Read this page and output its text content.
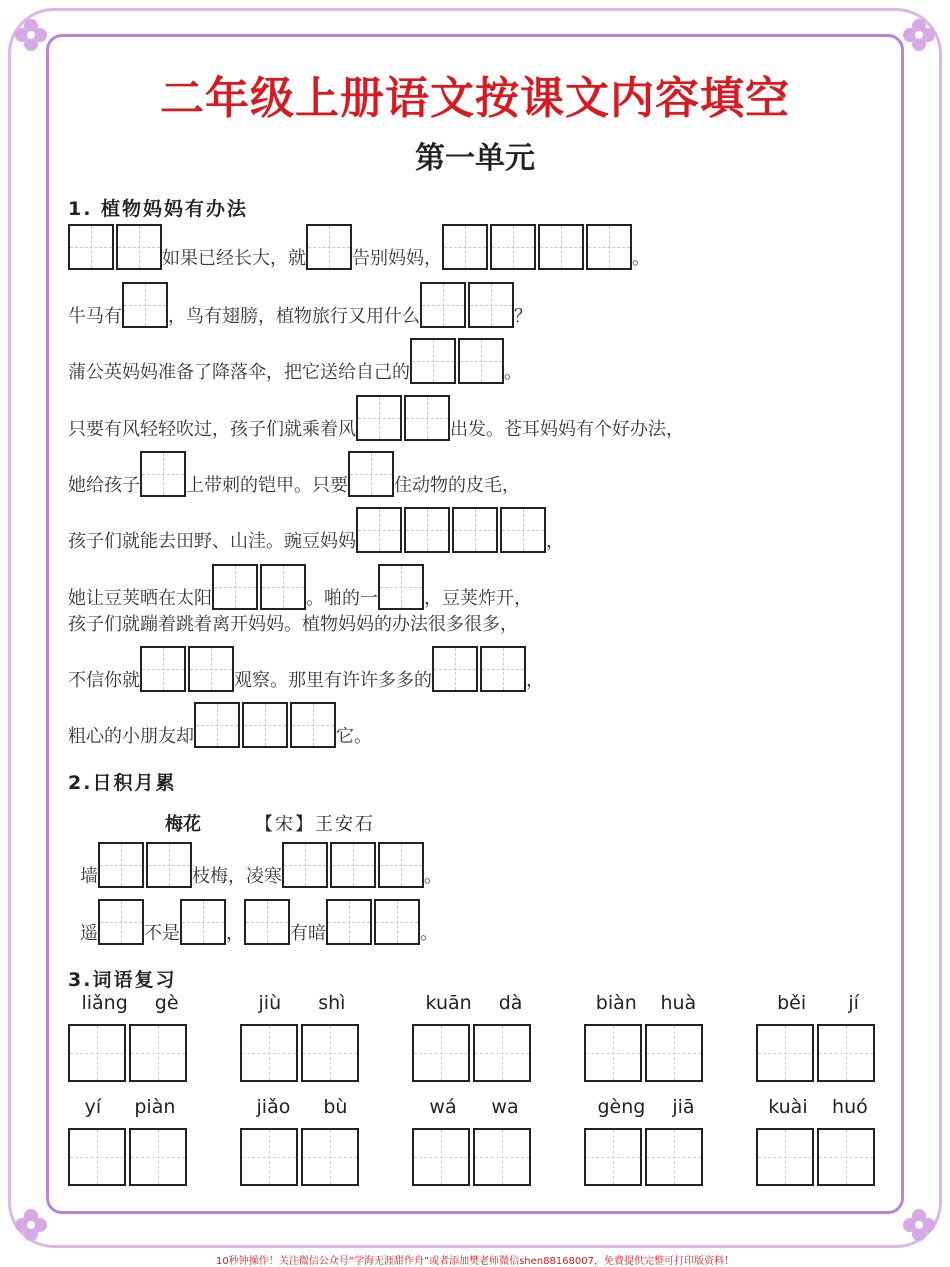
二年级上册语文按课文内容填空
第一单元
1. 植物妈妈有办法
如果已经长大，就	告别妈妈，	。
牛马有	，鸟有翅膀，植物旅行又用什么	？
蒲公英妈妈准备了降落伞，把它送给自己的	。
只要有风轻轻吹过，孩子们就乘着风	出发。苍耳妈妈有个好办法，
她给孩子	上带刺的铠甲。只要	住动物的皮毛，
孩子们就能去田野、山洼。豌豆妈妈	，
她让豆荚晒在太阳	。啪的一	，豆荚炸开，
孩子们就蹦着跳着离开妈妈。植物妈妈的办法很多很多，
不信你就	观察。那里有许许多多的	，
粗心的小朋友却	它。
2.日积月累
梅花	【宋】王安石
墙	枝梅，凌寒	。
遥	不是	，	有暗	。
3.词语复习
liǎng gè	jiù shì	kuān dà	biàn huà	běi jí
yí piàn	jiǎo bù	wá wa	gèng jiā	kuài huó
10秒钟操作！关注微信公众号“学海无涯甜作舟”或者添加樊老师微信shen88168007，免费提供完整可打印版资料！
